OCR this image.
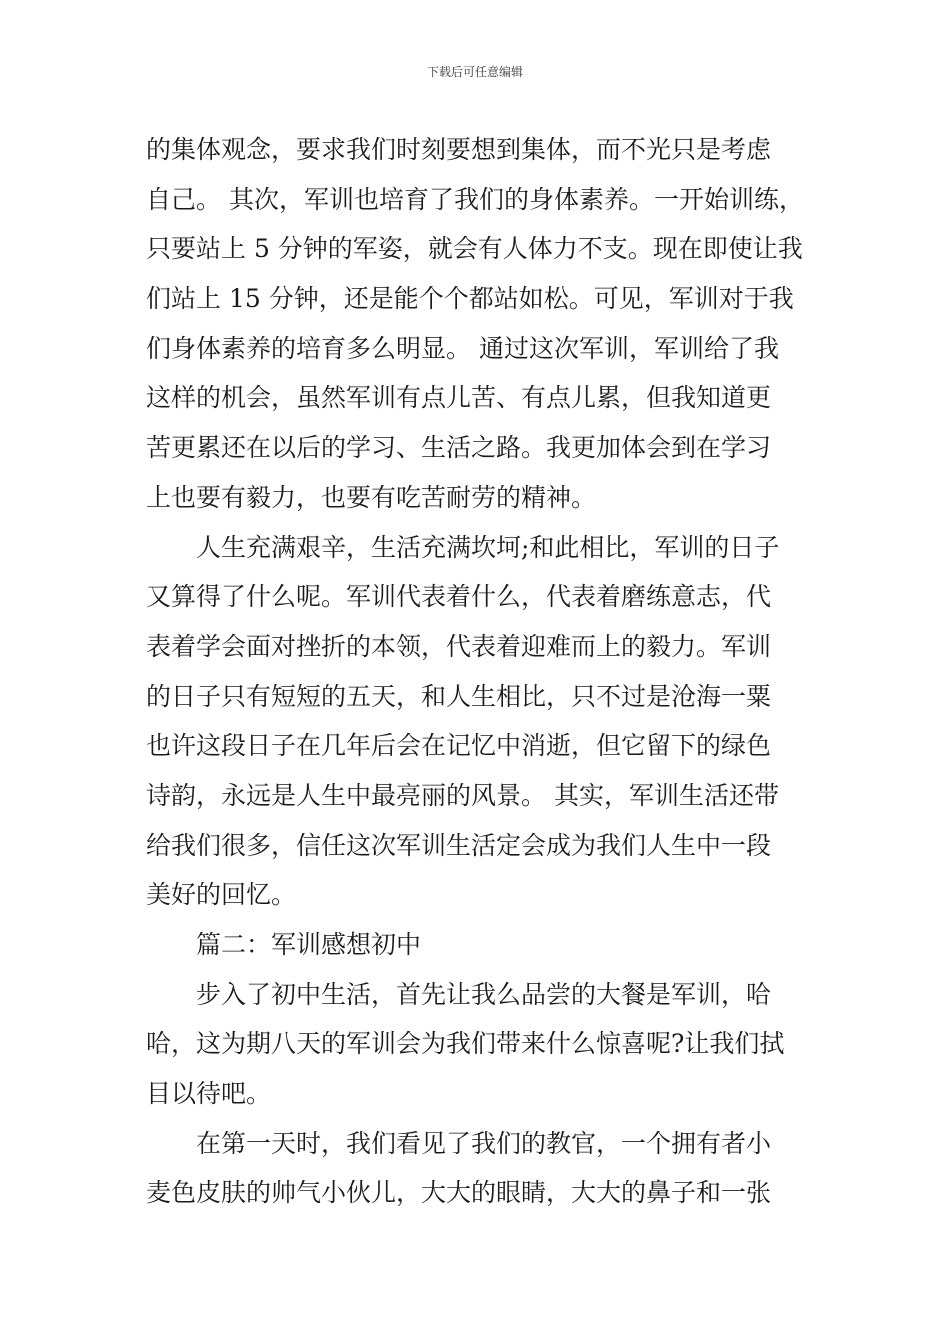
下载后可任意编辑
的集体观念，要求我们时刻要想到集体，而不光只是考虑
自己。 其次，军训也培育了我们的身体素养。一开始训练，
只要站上 5 分钟的军姿，就会有人体力不支。现在即使让我
们站上 15 分钟，还是能个个都站如松。可见，军训对于我
们身体素养的培育多么明显。 通过这次军训，军训给了我
这样的机会，虽然军训有点儿苦、有点儿累，但我知道更
苦更累还在以后的学习、生活之路。我更加体会到在学习
上也要有毅力，也要有吃苦耐劳的精神。
人生充满艰辛，生活充满坎坷;和此相比，军训的日子
又算得了什么呢。军训代表着什么，代表着磨练意志，代
表着学会面对挫折的本领，代表着迎难而上的毅力。军训
的日子只有短短的五天，和人生相比，只不过是沧海一粟
也许这段日子在几年后会在记忆中消逝，但它留下的绿色
诗韵，永远是人生中最亮丽的风景。 其实，军训生活还带
给我们很多，信任这次军训生活定会成为我们人生中一段
美好的回忆。
篇二：军训感想初中
步入了初中生活，首先让我么品尝的大餐是军训，哈
哈，这为期八天的军训会为我们带来什么惊喜呢?让我们拭
目以待吧。
在第一天时，我们看见了我们的教官，一个拥有者小
麦色皮肤的帅气小伙儿，大大的眼睛，大大的鼻子和一张
